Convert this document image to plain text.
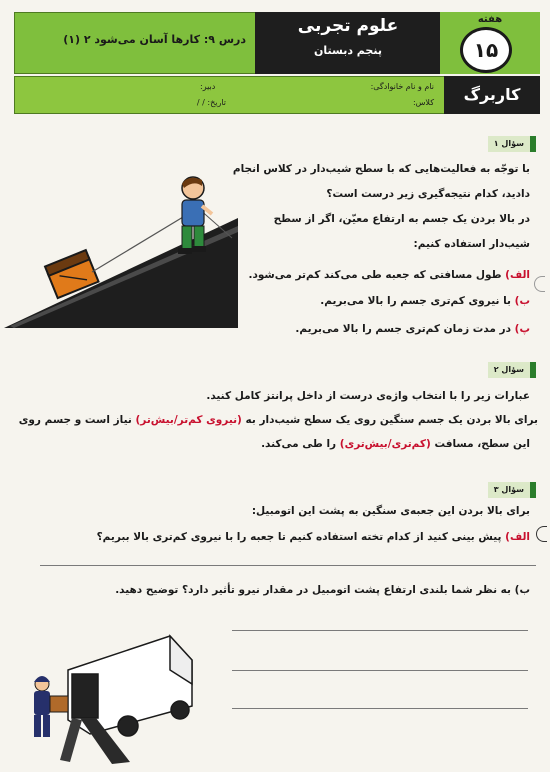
هفته
۱۵
علوم تجربی
پنجم دبستان
درس ۹: کارها آسان می‌شود ۲ (۱)
کاربرگ
نام و نام خانوادگی:
کلاس:
دبیر:
تاریخ: / /
سؤال ۱
با توجّه به فعالیت‌هایی که با سطح شیب‌دار در کلاس انجام
دادید، کدام نتیجه‌گیری زیر درست است؟
در بالا بردن یک جسم به ارتفاع معیّن، اگر از سطح
شیب‌دار استفاده کنیم:
الف) طول مسافتی که جعبه طی می‌کند کم‌تر می‌شود.
ب) با نیروی کم‌تری جسم را بالا می‌بریم.
پ) در مدت زمان کم‌تری جسم را بالا می‌بریم.
سؤال ۲
عبارات زیر را با انتخاب واژه‌ی درست از داخل پرانتز کامل کنید.
برای بالا بردن یک جسم سنگین روی یک سطح شیب‌دار به (نیروی کم‌تر/بیش‌تر) نیاز است و جسم روی
این سطح، مسافت (کم‌تری/بیش‌تری) را طی می‌کند.
سؤال ۳
برای بالا بردن این جعبه‌ی سنگین به پشت این اتومبیل:
الف) پیش بینی کنید از کدام تخته استفاده کنیم تا جعبه را با نیروی کم‌تری بالا ببریم؟
ب) به نظر شما بلندی ارتفاع پشت اتومبیل در مقدار نیرو تأثیر دارد؟ توضیح دهید.
